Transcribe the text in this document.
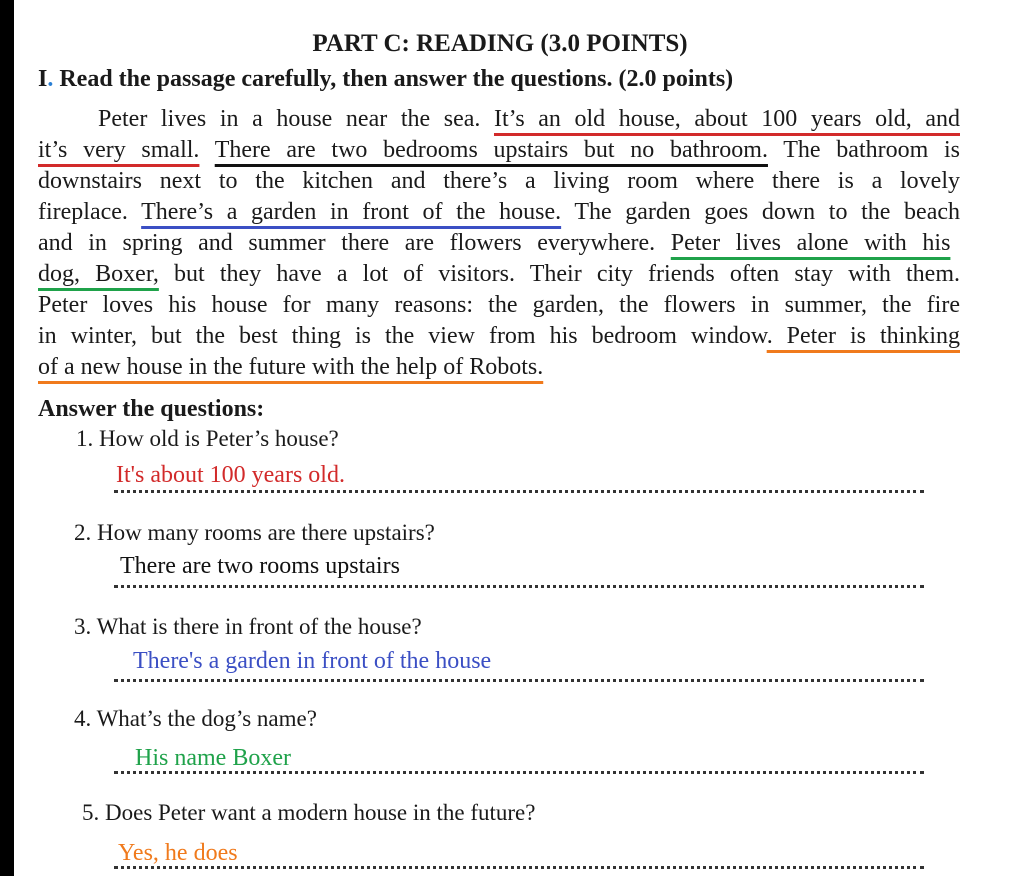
PART C: READING (3.0 POINTS)
I. Read the passage carefully, then answer the questions. (2.0 points)
Peter lives in a house near the sea. It’s an old house, about 100 years old, and
it’s very small. There are two bedrooms upstairs but no bathroom. The bathroom is
downstairs next to the kitchen and there’s a living room where there is a lovely
fireplace. There’s a garden in front of the house. The garden goes down to the beach
and in spring and summer there are flowers everywhere. Peter lives alone with his
dog, Boxer, but they have a lot of visitors. Their city friends often stay with them.
Peter loves his house for many reasons: the garden, the flowers in summer, the fire
in winter, but the best thing is the view from his bedroom window. Peter is thinking
of a new house in the future with the help of Robots.
Answer the questions:
1. How old is Peter’s house?
It's about 100 years old.
2. How many rooms are there upstairs?
There are two rooms upstairs
3. What is there in front of the house?
There's a garden in front of the house
4. What’s the dog’s name?
His name Boxer
5. Does Peter want a modern house in the future?
Yes, he does
